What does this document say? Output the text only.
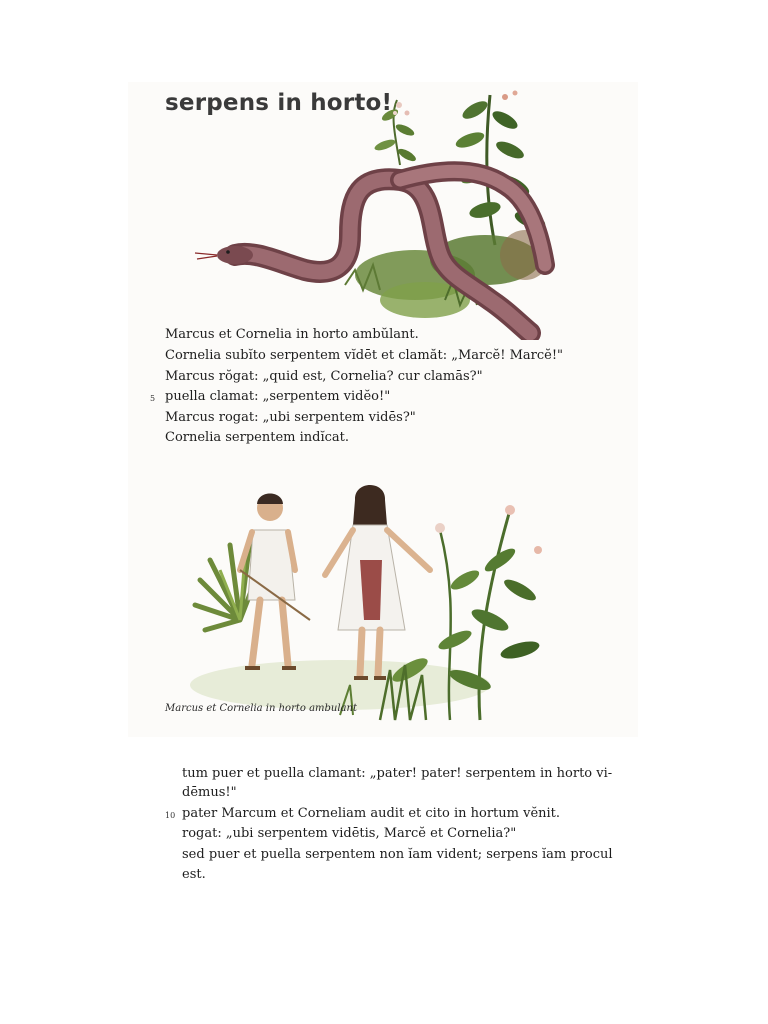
serpens in horto!
Marcus et Cornelia in horto ambŭlant.
Cornelia subĭto serpentem vĭdēt et clamăt: „Marcĕ! Marcĕ!"
Marcus rŏgat: „quid est, Cornelia? cur clamās?"
5 puella clamat: „serpentem vidĕo!"
Marcus rogat: „ubi serpentem vidēs?"
Cornelia serpentem indĭcat.
Marcus et Cornelia in horto ambulant
tum puer et puella clamant: „pater! pater! serpentem in horto vi-
dēmus!"
10 pater Marcum et Corneliam audit et cito in hortum vĕnit.
rogat: „ubi serpentem vidētis, Marcĕ et Cornelia?"
sed puer et puella serpentem non ĭam vident; serpens ĭam procul
est.
